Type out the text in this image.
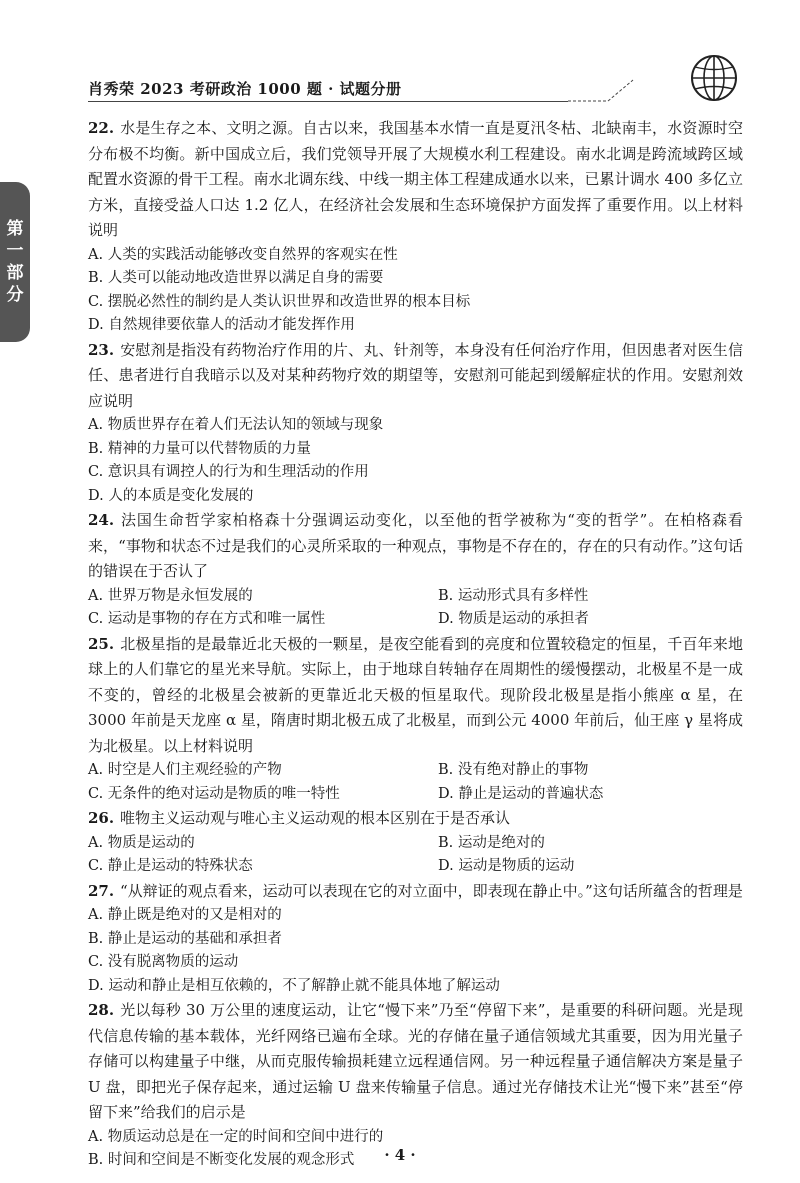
肖秀荣 2023 考研政治 1000 题 · 试题分册
第一部分
22. 水是生存之本、文明之源。自古以来，我国基本水情一直是夏汛冬枯、北缺南丰，水资源时空分布极不均衡。新中国成立后，我们党领导开展了大规模水利工程建设。南水北调是跨流域跨区域配置水资源的骨干工程。南水北调东线、中线一期主体工程建成通水以来，已累计调水 400 多亿立方米，直接受益人口达 1.2 亿人，在经济社会发展和生态环境保护方面发挥了重要作用。以上材料说明
A. 人类的实践活动能够改变自然界的客观实在性
B. 人类可以能动地改造世界以满足自身的需要
C. 摆脱必然性的制约是人类认识世界和改造世界的根本目标
D. 自然规律要依靠人的活动才能发挥作用
23. 安慰剂是指没有药物治疗作用的片、丸、针剂等，本身没有任何治疗作用，但因患者对医生信任、患者进行自我暗示以及对某种药物疗效的期望等，安慰剂可能起到缓解症状的作用。安慰剂效应说明
A. 物质世界存在着人们无法认知的领域与现象
B. 精神的力量可以代替物质的力量
C. 意识具有调控人的行为和生理活动的作用
D. 人的本质是变化发展的
24. 法国生命哲学家柏格森十分强调运动变化，以至他的哲学被称为“变的哲学”。在柏格森看来，“事物和状态不过是我们的心灵所采取的一种观点，事物是不存在的，存在的只有动作。”这句话的错误在于否认了
A. 世界万物是永恒发展的	B. 运动形式具有多样性
C. 运动是事物的存在方式和唯一属性	D. 物质是运动的承担者
25. 北极星指的是最靠近北天极的一颗星，是夜空能看到的亮度和位置较稳定的恒星，千百年来地球上的人们靠它的星光来导航。实际上，由于地球自转轴存在周期性的缓慢摆动，北极星不是一成不变的，曾经的北极星会被新的更靠近北天极的恒星取代。现阶段北极星是指小熊座 α 星，在3000 年前是天龙座 α 星，隋唐时期北极五成了北极星，而到公元 4000 年前后，仙王座 γ 星将成为北极星。以上材料说明
A. 时空是人们主观经验的产物	B. 没有绝对静止的事物
C. 无条件的绝对运动是物质的唯一特性	D. 静止是运动的普遍状态
26. 唯物主义运动观与唯心主义运动观的根本区别在于是否承认
A. 物质是运动的	B. 运动是绝对的
C. 静止是运动的特殊状态	D. 运动是物质的运动
27. “从辩证的观点看来，运动可以表现在它的对立面中，即表现在静止中。”这句话所蕴含的哲理是
A. 静止既是绝对的又是相对的
B. 静止是运动的基础和承担者
C. 没有脱离物质的运动
D. 运动和静止是相互依赖的，不了解静止就不能具体地了解运动
28. 光以每秒 30 万公里的速度运动，让它“慢下来”乃至“停留下来”，是重要的科研问题。光是现代信息传输的基本载体，光纤网络已遍布全球。光的存储在量子通信领域尤其重要，因为用光量子存储可以构建量子中继，从而克服传输损耗建立远程通信网。另一种远程量子通信解决方案是量子 U 盘，即把光子保存起来，通过运输 U 盘来传输量子信息。通过光存储技术让光“慢下来”甚至“停留下来”给我们的启示是
A. 物质运动总是在一定的时间和空间中进行的
B. 时间和空间是不断变化发展的观念形式	· 4 ·
